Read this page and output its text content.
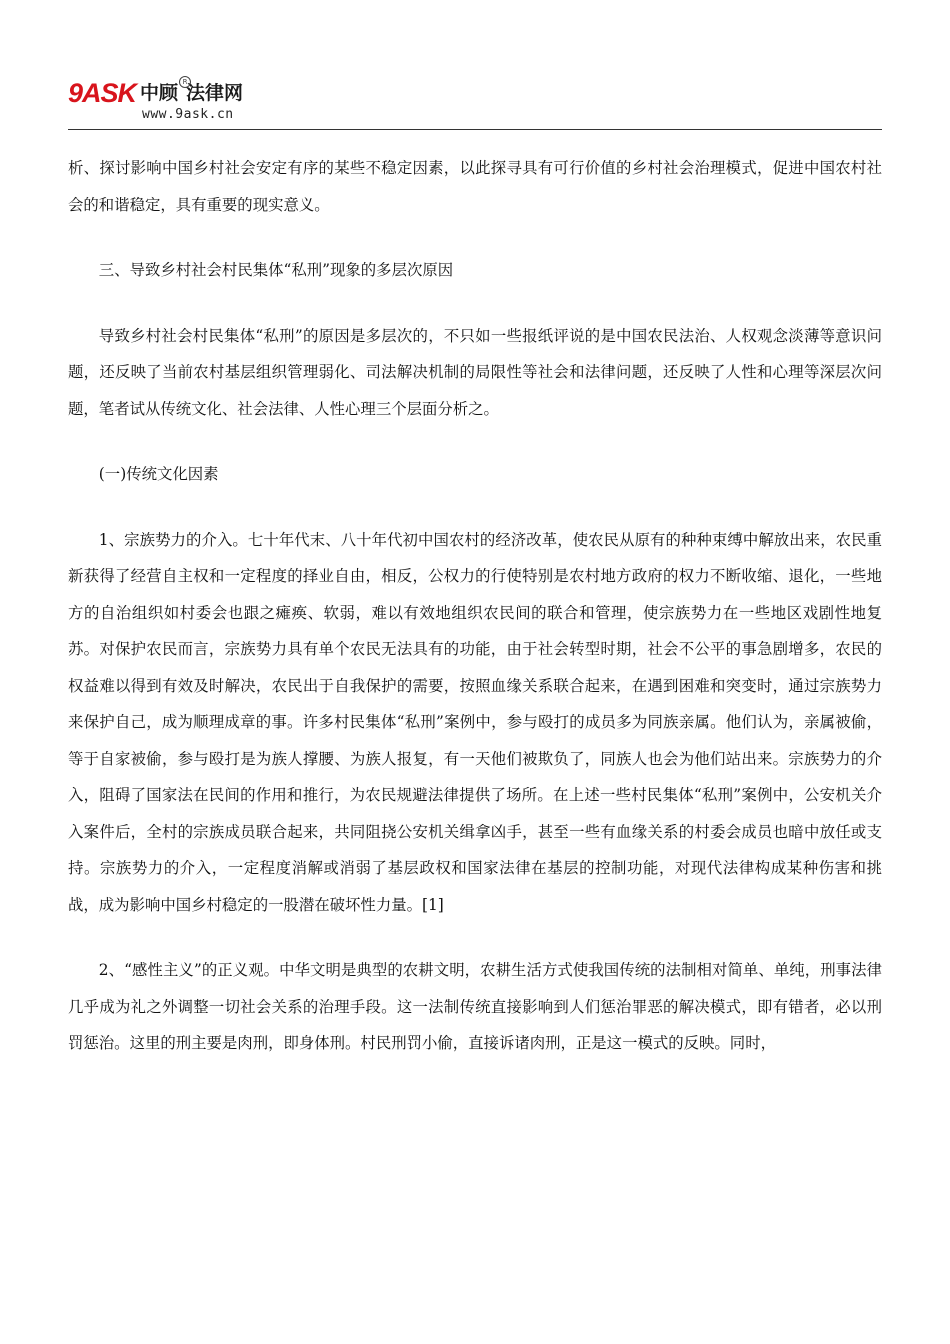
9ASK 中顾 法律网
R
www.9ask.cn

析、探讨影响中国乡村社会安定有序的某些不稳定因素，以此探寻具有可行价值的乡村社会治理模式，促进中国农村社会的和谐稳定，具有重要的现实意义。

三、导致乡村社会村民集体“私刑”现象的多层次原因

导致乡村社会村民集体“私刑”的原因是多层次的，不只如一些报纸评说的是中国农民法治、人权观念淡薄等意识问题，还反映了当前农村基层组织管理弱化、司法解决机制的局限性等社会和法律问题，还反映了人性和心理等深层次问题，笔者试从传统文化、社会法律、人性心理三个层面分析之。

(一)传统文化因素

1、宗族势力的介入。七十年代末、八十年代初中国农村的经济改革，使农民从原有的种种束缚中解放出来，农民重新获得了经营自主权和一定程度的择业自由，相反，公权力的行使特别是农村地方政府的权力不断收缩、退化，一些地方的自治组织如村委会也跟之瘫痪、软弱，难以有效地组织农民间的联合和管理，使宗族势力在一些地区戏剧性地复苏。对保护农民而言，宗族势力具有单个农民无法具有的功能，由于社会转型时期，社会不公平的事急剧增多，农民的权益难以得到有效及时解决，农民出于自我保护的需要，按照血缘关系联合起来，在遇到困难和突变时，通过宗族势力来保护自己，成为顺理成章的事。许多村民集体“私刑”案例中，参与殴打的成员多为同族亲属。他们认为，亲属被偷，等于自家被偷，参与殴打是为族人撑腰、为族人报复，有一天他们被欺负了，同族人也会为他们站出来。宗族势力的介入，阻碍了国家法在民间的作用和推行，为农民规避法律提供了场所。在上述一些村民集体“私刑”案例中，公安机关介入案件后，全村的宗族成员联合起来，共同阻挠公安机关缉拿凶手，甚至一些有血缘关系的村委会成员也暗中放任或支持。宗族势力的介入，一定程度消解或消弱了基层政权和国家法律在基层的控制功能，对现代法律构成某种伤害和挑战，成为影响中国乡村稳定的一股潜在破坏性力量。[1]

2、“感性主义”的正义观。中华文明是典型的农耕文明，农耕生活方式使我国传统的法制相对简单、单纯，刑事法律几乎成为礼之外调整一切社会关系的治理手段。这一法制传统直接影响到人们惩治罪恶的解决模式，即有错者，必以刑罚惩治。这里的刑主要是肉刑，即身体刑。村民刑罚小偷，直接诉诸肉刑，正是这一模式的反映。同时，
